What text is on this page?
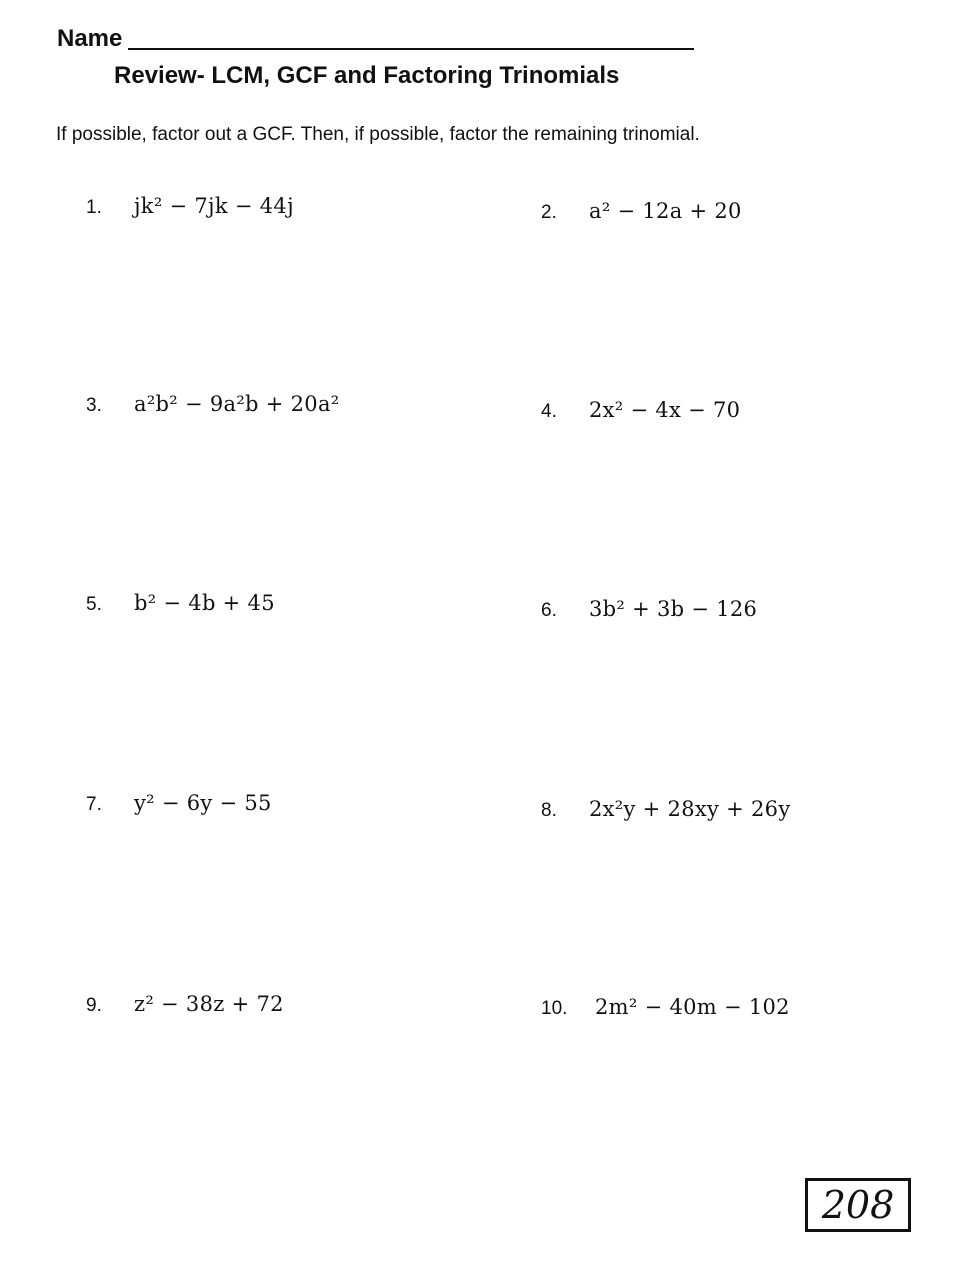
Name
Review- LCM, GCF and Factoring Trinomials
If possible, factor out a GCF. Then, if possible, factor the remaining trinomial.
1.	jk² − 7jk − 44j	2.	a² − 12a + 20
3.	a²b² − 9a²b + 20a²	4.	2x² − 4x − 70
5.	b² − 4b + 45	6.	3b² + 3b − 126
7.	y² − 6y − 55	8.	2x²y + 28xy + 26y
9.	z² − 38z + 72	10.	2m² − 40m − 102
208
